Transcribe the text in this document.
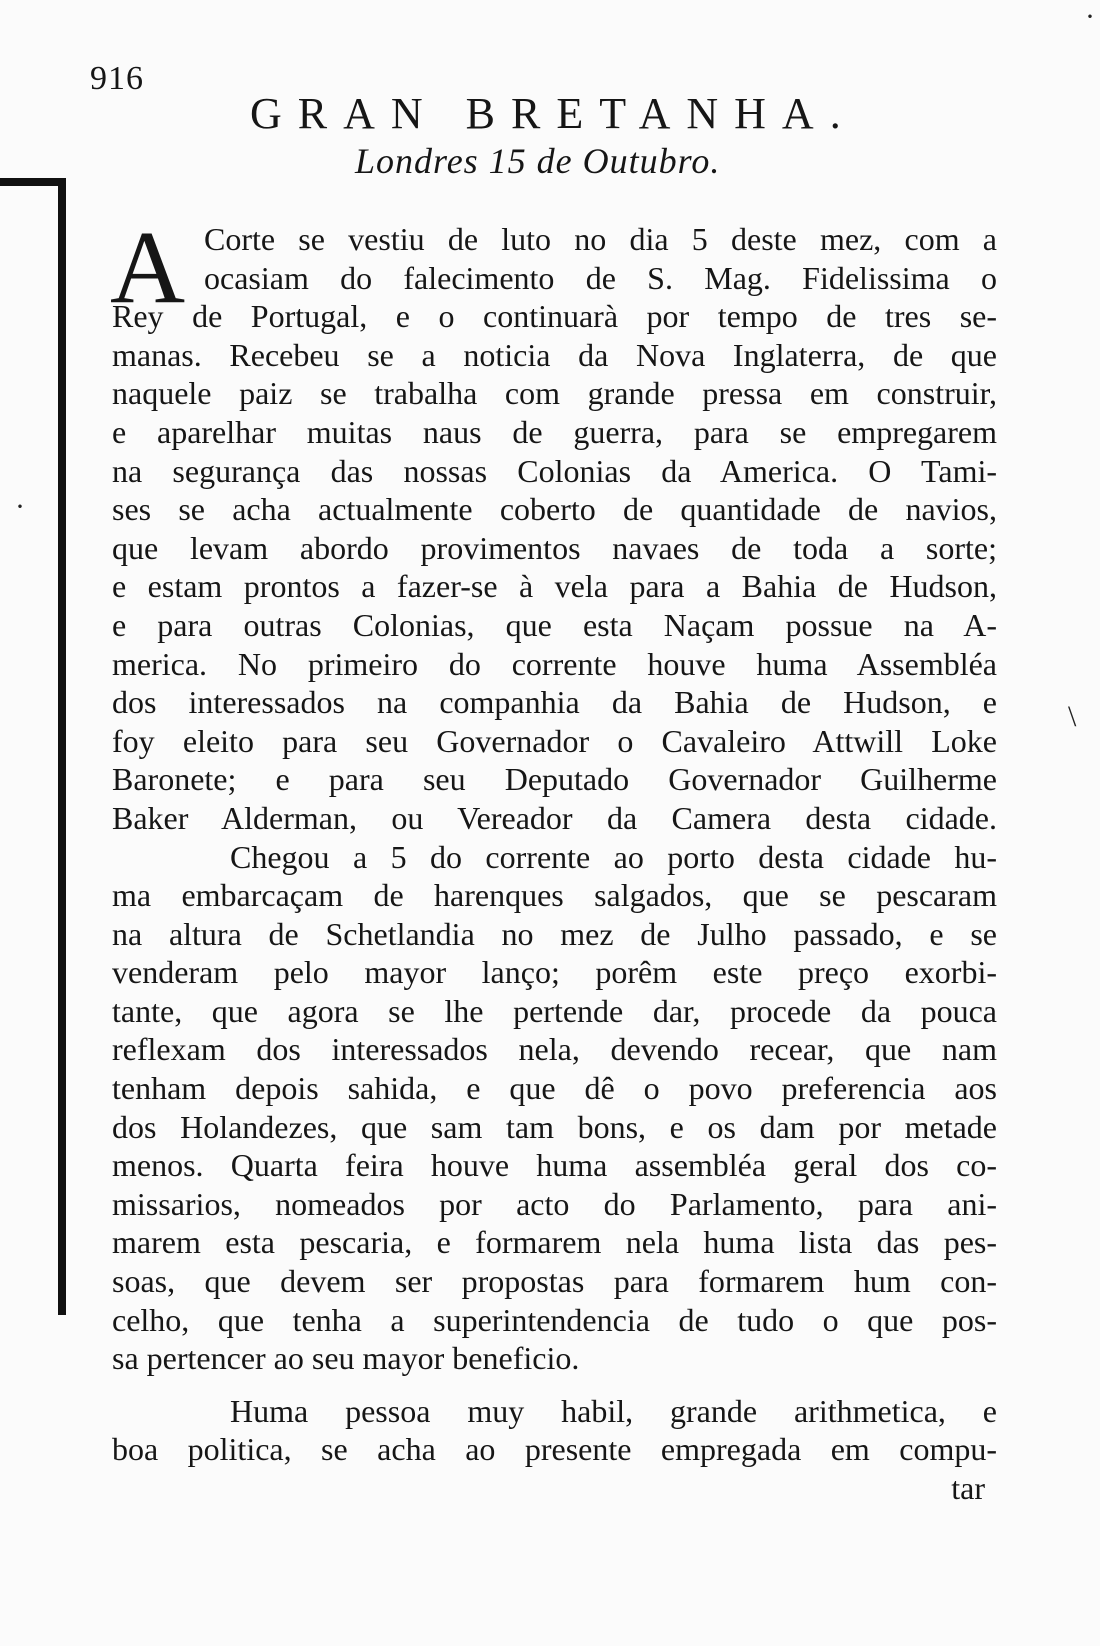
916
GRAN BRETANHA.
Londres 15 de Outubro.
A Corte se vestiu de luto no dia 5 deste mez, com a
ocasiam do falecimento de S. Mag. Fidelissima o
Rey de Portugal, e o continuarà por tempo de tres se-
manas. Recebeu se a noticia da Nova Inglaterra, de que
naquele paiz se trabalha com grande pressa em construir,
e aparelhar muitas naus de guerra, para se empregarem
na segurança das nossas Colonias da America. O Tami-
ses se acha actualmente coberto de quantidade de navios,
que levam abordo provimentos navaes de toda a sorte;
e estam prontos a fazer-se à vela para a Bahia de Hudson,
e para outras Colonias, que esta Naçam possue na A-
merica. No primeiro do corrente houve huma Assembléa
dos interessados na companhia da Bahia de Hudson, e
foy eleito para seu Governador o Cavaleiro Attwill Loke
Baronete; e para seu Deputado Governador Guilherme
Baker Alderman, ou Vereador da Camera desta cidade.
Chegou a 5 do corrente ao porto desta cidade hu-
ma embarcaçam de harenques salgados, que se pescaram
na altura de Schetlandia no mez de Julho passado, e se
venderam pelo mayor lanço; porêm este preço exorbi-
tante, que agora se lhe pertende dar, procede da pouca
reflexam dos interessados nela, devendo recear, que nam
tenham depois sahida, e que dê o povo preferencia aos
dos Holandezes, que sam tam bons, e os dam por metade
menos. Quarta feira houve huma assembléa geral dos co-
missarios, nomeados por acto do Parlamento, para ani-
marem esta pescaria, e formarem nela huma lista das pes-
soas, que devem ser propostas para formarem hum con-
celho, que tenha a superintendencia de tudo o que pos-
sa pertencer ao seu mayor beneficio.
Huma pessoa muy habil, grande arithmetica, e
boa politica, se acha ao presente empregada em compu-
tar
\
·
·
